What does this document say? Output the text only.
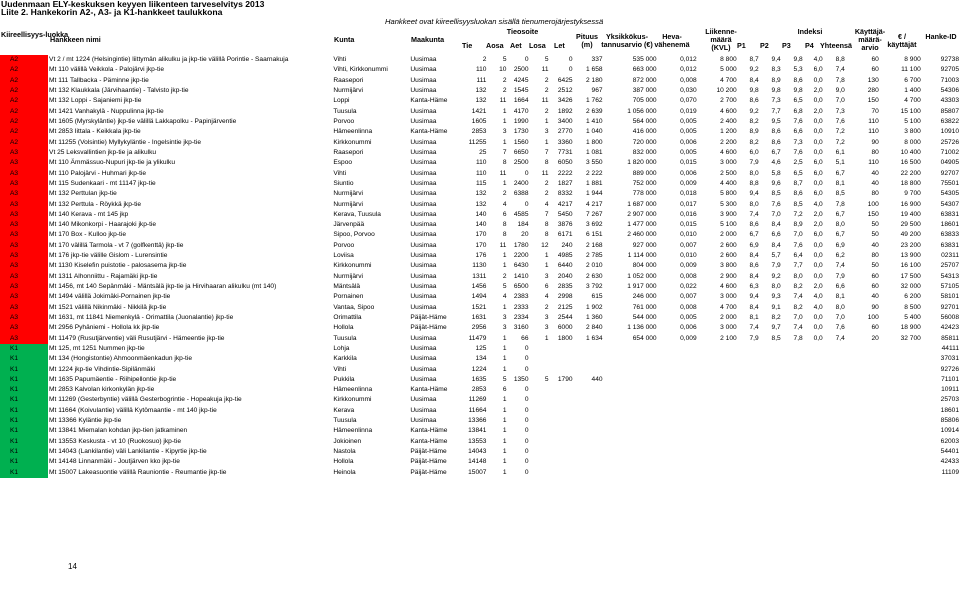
Uudenmaan ELY-keskuksen keyyen liikenteen tarveselvitys 2013
Liite 2. Hankekorin A2-, A3- ja K1-hankkeet taulukkona
Hankkeet ovat kiireellisyysluokan sisällä tienumerojärjestyksessä
Kiireellisyys-luokka
Hankkeen nimi	Kunta	Maakunta
Tieosoite
Tie Aosa Aet Losa Let
Pituus (m)
Yksikkökus-tannusarvio (€)
Heva-vähenemä
Liikenne-määrä (KVL)
Indeksi
P1 P2 P3 P4 Yhteensä
Käyttäjä-määrä-arvio
€ / käyttäjät
Hanke-ID
A2	Vt 2 / mt 1224 (Helsingintie) liittymän alikulku ja jkp-tie välillä Porintie - Saarnakuja	Vihti	Uusimaa	2	5	0	5	0	337	535 000	0,012	8 800	8,7	9,4	9,8	4,0	8,8	60	8 900	92738
A2	Mt 110 välillä Veikkola - Palojärvi jkp-tie	Vihti, Kirkkonummi	Uusimaa	110	10	2500	11	0	1 658	663 000	0,012	5 000	9,2	8,3	5,3	6,0	7,4	60	11 100	92705
A2	Mt 111 Tallbacka - Päminne jkp-tie	Raasepori	Uusimaa	111	2	4245	2	6425	2 180	872 000	0,008	4 700	8,4	8,9	8,6	0,0	7,8	130	6 700	71003
A2	Mt 132 Klaukkala (Järvihaantie) - Talvisto jkp-tie	Nurmijärvi	Uusimaa	132	2	1545	2	2512	967	387 000	0,030	10 200	9,8	9,8	9,8	2,0	9,0	280	1 400	54306
A2	Mt 132 Loppi - Sajaniemi jkp-tie	Loppi	Kanta-Häme	132	11	1664	11	3426	1 762	705 000	0,070	2 700	8,6	7,3	6,5	0,0	7,0	150	4 700	43303
A2	Mt 1421 Vanhakylä - Nuppulinna jkp-tie	Tuusula	Uusimaa	1421	1	4170	2	1892	2 639	1 056 000	0,019	4 600	9,2	7,7	6,8	2,0	7,3	70	15 100	85807
A2	Mt 1605 (Myrskyläntie) jkp-tie välillä Lakkapolku - Papinjärventie	Porvoo	Uusimaa	1605	1	1990	1	3400	1 410	564 000	0,005	2 400	8,2	9,5	7,6	0,0	7,6	110	5 100	63822
A2	Mt 2853 Iittala - Keikkala jkp-tie	Hämeenlinna	Kanta-Häme	2853	3	1730	3	2770	1 040	416 000	0,005	1 200	8,9	8,6	6,6	0,0	7,2	110	3 800	10910
A2	Mt 11255 (Volsintie) Myllykyläntie - Ingelsintie jkp-tie	Kirkkonummi	Uusimaa	11255	1	1560	1	3360	1 800	720 000	0,006	2 200	8,2	8,6	7,3	0,0	7,2	90	8 000	25726
A3	Vt 25 Leksvallintien jkp-tie ja alikulku	Raasepori	Uusimaa	25	7	6650	7	7731	1 081	832 000	0,005	4 600	6,0	6,7	7,6	0,0	6,1	80	10 400	71002
A3	Mt 110 Ämmässuo-Nupuri jkp-tie ja ylikulku	Espoo	Uusimaa	110	8	2500	8	6050	3 550	1 820 000	0,015	3 000	7,9	4,6	2,5	6,0	5,1	110	16 500	04905
A3	Mt 110 Palojärvi - Huhmari jkp-tie	Vihti	Uusimaa	110	11	0	11	2222	2 222	889 000	0,006	2 500	8,0	5,8	6,5	6,0	6,7	40	22 200	92707
A3	Mt 115 Sudenkaari - mt 11147 jkp-tie	Siuntio	Uusimaa	115	1	2400	2	1827	1 881	752 000	0,009	4 400	8,8	9,6	8,7	0,0	8,1	40	18 800	75501
A3	Mt 132 Perttulan jkp-tie	Nurmijärvi	Uusimaa	132	2	6388	2	8332	1 944	778 000	0,018	5 800	9,4	8,5	8,6	6,0	8,5	80	9 700	54305
A3	Mt 132 Perttula - Röykkä jkp-tie	Nurmijärvi	Uusimaa	132	4	0	4	4217	4 217	1 687 000	0,017	5 300	8,0	7,6	8,5	4,0	7,8	100	16 900	54307
A3	Mt 140 Kerava - mt 145 jkp	Kerava, Tuusula	Uusimaa	140	6	4585	7	5450	7 267	2 907 000	0,016	3 900	7,4	7,0	7,2	2,0	6,7	150	19 400	63831
A3	Mt 140 Mikonkorpi - Haarajoki jkp-tie	Järvenpää	Uusimaa	140	8	184	8	3876	3 692	1 477 000	0,015	5 100	8,6	8,4	8,9	2,0	8,0	50	29 500	18601
A3	Mt 170 Box - Kulloo jkp-tie	Sipoo, Porvoo	Uusimaa	170	8	20	8	6171	6 151	2 460 000	0,010	2 000	6,7	6,6	7,0	6,0	6,7	50	49 200	63833
A3	Mt 170 välillä Tarmola - vt 7 (golfkenttä) jkp-tie	Porvoo	Uusimaa	170	11	1780	12	240	2 168	927 000	0,007	2 600	6,9	8,4	7,6	0,0	6,9	40	23 200	63831
A3	Mt 176 jkp-tie välille Gislom - Lurensintie	Loviisa	Uusimaa	176	1	2200	1	4985	2 785	1 114 000	0,010	2 600	8,4	5,7	6,4	0,0	6,2	80	13 900	02311
A3	Mt 1130 Kiselefin puistotie - palosasema jkp-tie	Kirkkonummi	Uusimaa	1130	1	6430	1	6440	2 010	804 000	0,009	3 800	8,6	7,9	7,7	0,0	7,4	50	16 100	25707
A3	Mt 1311 Alhonniittu - Rajamäki jkp-tie	Nurmijärvi	Uusimaa	1311	2	1410	3	2040	2 630	1 052 000	0,008	2 900	8,4	9,2	8,0	0,0	7,9	60	17 500	54313
A3	Mt 1456, mt 140 Sepänmäki - Mäntsälä jkp-tie ja Hirvihaaran alikulku (mt 140)	Mäntsälä	Uusimaa	1456	5	6500	6	2835	3 792	1 917 000	0,022	4 600	6,3	8,0	8,2	2,0	6,6	60	32 000	57105
A3	Mt 1494 välillä Jokimäki-Pornainen jkp-tie	Pornainen	Uusimaa	1494	4	2383	4	2998	615	246 000	0,007	3 000	9,4	9,3	7,4	4,0	8,1	40	6 200	58101
A3	Mt 1521 välillä Nikinmäki - Nikkilä jkp-tie	Vantaa, Sipoo	Uusimaa	1521	1	2333	2	2125	1 902	761 000	0,008	4 700	8,4	9,1	8,2	4,0	8,0	90	8 500	92701
A3	Mt 1631, mt 11841 Niemenkylä - Orimattila (Juonalantie) jkp-tie	Orimattila	Päijät-Häme	1631	3	2334	3	2544	1 360	544 000	0,005	2 000	8,1	8,2	7,0	0,0	7,0	100	5 400	56008
A3	Mt 2956 Pyhäniemi - Hollola kk jkp-tie	Hollola	Päijät-Häme	2956	3	3160	3	6000	2 840	1 136 000	0,006	3 000	7,4	9,7	7,4	0,0	7,6	60	18 900	42423
A3	Mt 11479 (Rusutjärventie) väli Rusutjärvi - Hämeentie jkp-tie	Tuusula	Uusimaa	11479	1	66	1	1800	1 634	654 000	0,009	2 100	7,9	8,5	7,8	0,0	7,4	20	32 700	85811
K1	Mt 125, mt 1251 Nummen jkp-tie	Lohja	Uusimaa	125	1	0														44111
K1	Mt 134 (Hongistontie) Ahmoonmäenkadun jkp-tie	Karkkila	Uusimaa	134	1	0														37031
K1	Mt 1224 jkp-tie Vihdintie-Sipilänmäki	Vihti	Uusimaa	1224	1	0														92726
K1	Mt 1635 Papumäentie - Riihipellontie jkp-tie	Pukkila	Uusimaa	1635	5	1350	5	1790	440											71101
K1	Mt 2853 Kalvolan kirkonkylän jkp-tie	Hämeenlinna	Kanta-Häme	2853	6	0														10911
K1	Mt 11269 (Gesterbyntie) välillä Gesterbogrintie - Hopeakuja jkp-tie	Kirkkonummi	Uusimaa	11269	1	0														25703
K1	Mt 11664 (Koivulantie) välillä Kytömaantie - mt 140 jkp-tie	Kerava	Uusimaa	11664	1	0														18601
K1	Mt 13366 Kyläntie jkp-tie	Tuusula	Uusimaa	13366	1	0														85806
K1	Mt 13841 Miemalan kohdan jkp-tien jatkaminen	Hämeenlinna	Kanta-Häme	13841	1	0														10914
K1	Mt 13553 Keskusta - vt 10 (Ruokosuo) jkp-tie	Jokioinen	Kanta-Häme	13553	1	0														62003
K1	Mt 14043 (Lankilantie) väli Lankilantie - Kipyrtie jkp-tie	Nastola	Päijät-Häme	14043	1	0														54401
K1	Mt 14148 Linnanmäki - Joutjärven kko jkp-tie	Hollola	Päijät-Häme	14148	1	0														42433
K1	Mt 15007 Lakeasuontie välillä Rauniontie - Reumantie jkp-tie	Heinola	Päijät-Häme	15007	1	0														11109
14
